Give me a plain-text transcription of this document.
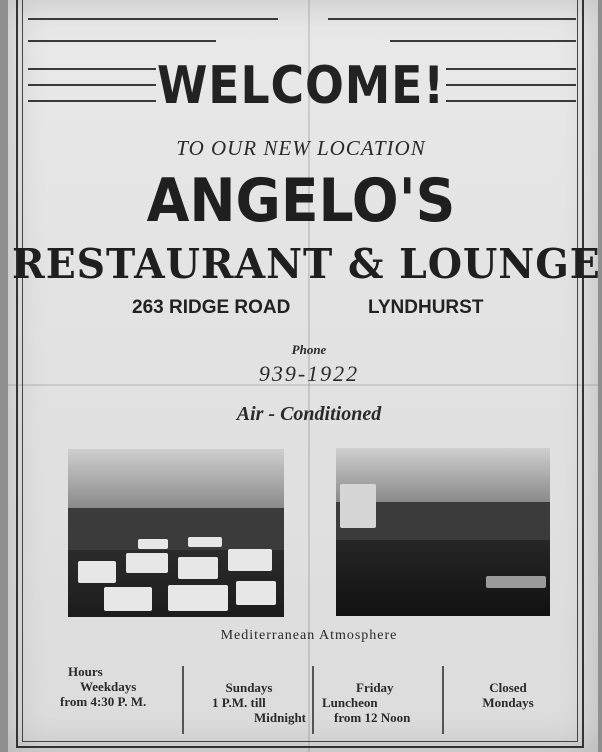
WELCOME!
TO OUR NEW LOCATION
ANGELO'S
RESTAURANT & LOUNGE
263 RIDGE ROAD	LYNDHURST
Phone
939-1922
Air - Conditioned
Mediterranean Atmosphere
Hours
Weekdays
from 4:30 P. M.
Sundays
1 P.M. till
Midnight
Friday
Luncheon
from 12 Noon
Closed
Mondays
